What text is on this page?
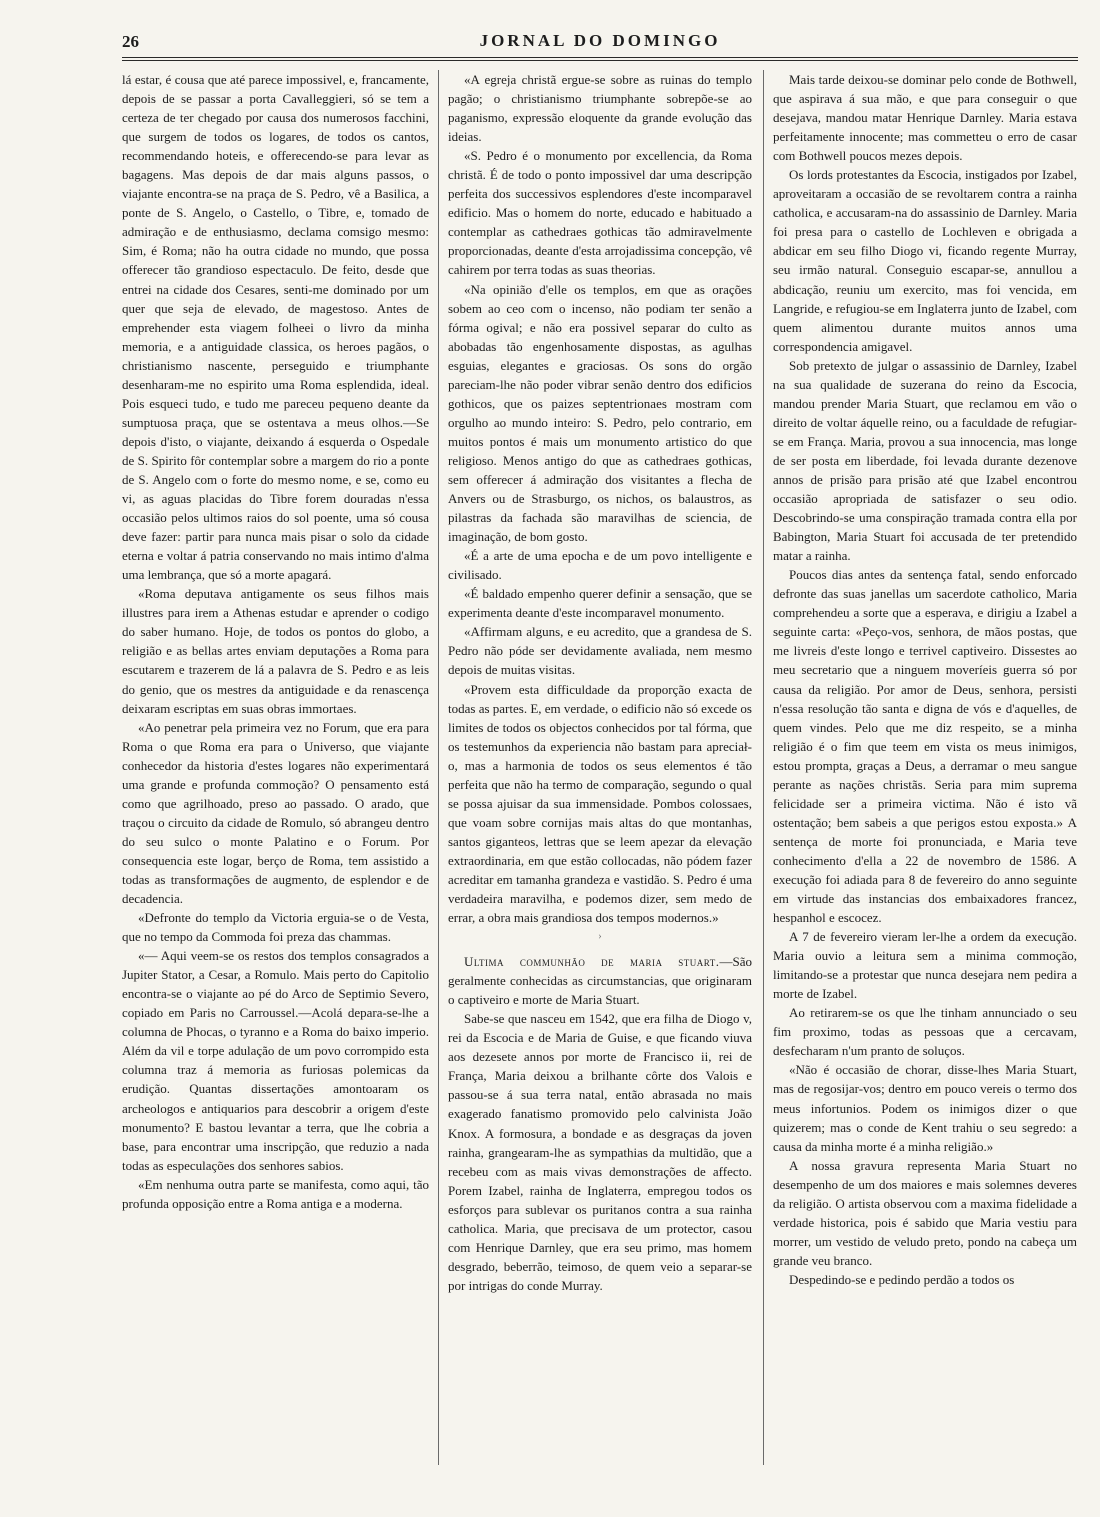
26	JORNAL DO DOMINGO

lá estar, é cousa que até parece impossivel, e, francamente, depois de se passar a porta Cavalleggieri, só se tem a certeza de ter chegado por causa dos numerosos facchini, que surgem de todos os logares, de todos os cantos, recommendando hoteis, e offerecendo-se para levar as bagagens. Mas depois de dar mais alguns passos, o viajante encontra-se na praça de S. Pedro, vê a Basilica, a ponte de S. Angelo, o Castello, o Tibre, e, tomado de admiração e de enthusiasmo, declama comsigo mesmo: Sim, é Roma; não ha outra cidade no mundo, que possa offerecer tão grandioso espectaculo. De feito, desde que entrei na cidade dos Cesares, senti-me dominado por um quer que seja de elevado, de magestoso. Antes de emprehender esta viagem folheei o livro da minha memoria, e a antiguidade classica, os heroes pagãos, o christianismo nascente, perseguido e triumphante desenharam-me no espirito uma Roma esplendida, ideal. Pois esqueci tudo, e tudo me pareceu pequeno deante da sumptuosa praça, que se ostentava a meus olhos.—Se depois d'isto, o viajante, deixando á esquerda o Ospedale de S. Spirito fôr contemplar sobre a margem do rio a ponte de S. Angelo com o forte do mesmo nome, e se, como eu vi, as aguas placidas do Tibre forem douradas n'essa occasião pelos ultimos raios do sol poente, uma só cousa deve fazer: partir para nunca mais pisar o solo da cidade eterna e voltar á patria conservando no mais intimo d'alma uma lembrança, que só a morte apagará.

«Roma deputava antigamente os seus filhos mais illustres para irem a Athenas estudar e aprender o codigo do saber humano. Hoje, de todos os pontos do globo, a religião e as bellas artes enviam deputações a Roma para escutarem e trazerem de lá a palavra de S. Pedro e as leis do genio, que os mestres da antiguidade e da renascença deixaram escriptas em suas obras immortaes.

«Ao penetrar pela primeira vez no Forum, que era para Roma o que Roma era para o Universo, que viajante conhecedor da historia d'estes logares não experimentará uma grande e profunda commoção? O pensamento está como que agrilhoado, preso ao passado. O arado, que traçou o circuito da cidade de Romulo, só abrangeu dentro do seu sulco o monte Palatino e o Forum. Por consequencia este logar, berço de Roma, tem assistido a todas as transformações de augmento, de esplendor e de decadencia.

«Defronte do templo da Victoria erguia-se o de Vesta, que no tempo da Commoda foi preza das chammas.

«— Aqui veem-se os restos dos templos consagrados a Jupiter Stator, a Cesar, a Romulo. Mais perto do Capitolio encontra-se o viajante ao pé do Arco de Septimio Severo, copiado em Paris no Carroussel.—Acolá depara-se-lhe a columna de Phocas, o tyranno e a Roma do baixo imperio. Além da vil e torpe adulação de um povo corrompido esta columna traz á memoria as furiosas polemicas da erudição. Quantas dissertações amontoaram os archeologos e antiquarios para descobrir a origem d'este monumento? E bastou levantar a terra, que lhe cobria a base, para encontrar uma inscripção, que reduzio a nada todas as especulações dos senhores sabios.

«Em nenhuma outra parte se manifesta, como aqui, tão profunda opposição entre a Roma antiga e a moderna.

«A egreja christã ergue-se sobre as ruinas do templo pagão; o christianismo triumphante sobrepõe-se ao paganismo, expressão eloquente da grande evolução das ideias.

«S. Pedro é o monumento por excellencia, da Roma christã. É de todo o ponto impossivel dar uma descripção perfeita dos successivos esplendores d'este incomparavel edificio. Mas o homem do norte, educado e habituado a contemplar as cathedraes gothicas tão admiravelmente proporcionadas, deante d'esta arrojadissima concepção, vê cahirem por terra todas as suas theorias.

«Na opinião d'elle os templos, em que as orações sobem ao ceo com o incenso, não podiam ter senão a fórma ogival; e não era possivel separar do culto as abobadas tão engenhosamente dispostas, as agulhas esguias, elegantes e graciosas. Os sons do orgão pareciam-lhe não poder vibrar senão dentro dos edificios gothicos, que os paizes septentrionaes mostram com orgulho ao mundo inteiro: S. Pedro, pelo contrario, em muitos pontos é mais um monumento artistico do que religioso. Menos antigo do que as cathedraes gothicas, sem offerecer á admiração dos visitantes a flecha de Anvers ou de Strasburgo, os nichos, os balaustros, as pilastras da fachada são maravilhas de sciencia, de imaginação, de bom gosto.

«É a arte de uma epocha e de um povo intelligente e civilisado.

«É baldado empenho querer definir a sensação, que se experimenta deante d'este incomparavel monumento.

«Affirmam alguns, e eu acredito, que a grandesa de S. Pedro não póde ser devidamente avaliada, nem mesmo depois de muitas visitas.

«Provem esta difficuldade da proporção exacta de todas as partes. E, em verdade, o edificio não só excede os limites de todos os objectos conhecidos por tal fórma, que os testemunhos da experiencia não bastam para apreciał-o, mas a harmonia de todos os seus elementos é tão perfeita que não ha termo de comparação, segundo o qual se possa ajuisar da sua immensidade. Pombos colossaes, que voam sobre cornijas mais altas do que montanhas, santos giganteos, lettras que se leem apezar da elevação extraordinaria, em que estão collocadas, não pódem fazer acreditar em tamanha grandeza e vastidão. S. Pedro é uma verdadeira maravilha, e podemos dizer, sem medo de errar, a obra mais grandiosa dos tempos modernos.»

›

Ultima communhão de maria stuart.—São geralmente conhecidas as circumstancias, que originaram o captiveiro e morte de Maria Stuart.

Sabe-se que nasceu em 1542, que era filha de Diogo v, rei da Escocia e de Maria de Guise, e que ficando viuva aos dezesete annos por morte de Francisco ii, rei de França, Maria deixou a brilhante côrte dos Valois e passou-se á sua terra natal, então abrasada no mais exagerado fanatismo promovido pelo calvinista João Knox. A formosura, a bondade e as desgraças da joven rainha, grangearam-lhe as sympathias da multidão, que a recebeu com as mais vivas demonstrações de affecto. Porem Izabel, rainha de Inglaterra, empregou todos os esforços para sublevar os puritanos contra a sua rainha catholica. Maria, que precisava de um protector, casou com Henrique Darnley, que era seu primo, mas homem desgrado, beberrão, teimoso, de quem veio a separar-se por intrigas do conde Murray.

Mais tarde deixou-se dominar pelo conde de Bothwell, que aspirava á sua mão, e que para conseguir o que desejava, mandou matar Henrique Darnley. Maria estava perfeitamente innocente; mas commetteu o erro de casar com Bothwell poucos mezes depois.

Os lords protestantes da Escocia, instigados por Izabel, aproveitaram a occasião de se revoltarem contra a rainha catholica, e accusaram-na do assassinio de Darnley. Maria foi presa para o castello de Lochleven e obrigada a abdicar em seu filho Diogo vi, ficando regente Murray, seu irmão natural. Conseguio escapar-se, annullou a abdicação, reuniu um exercito, mas foi vencida, em Langride, e refugiou-se em Inglaterra junto de Izabel, com quem alimentou durante muitos annos uma correspondencia amigavel.

Sob pretexto de julgar o assassinio de Darnley, Izabel na sua qualidade de suzerana do reino da Escocia, mandou prender Maria Stuart, que reclamou em vão o direito de voltar áquelle reino, ou a faculdade de refugiar-se em França. Maria, provou a sua innocencia, mas longe de ser posta em liberdade, foi levada durante dezenove annos de prisão para prisão até que Izabel encontrou occasião apropriada de satisfazer o seu odio. Descobrindo-se uma conspiração tramada contra ella por Babington, Maria Stuart foi accusada de ter pretendido matar a rainha.

Poucos dias antes da sentença fatal, sendo enforcado defronte das suas janellas um sacerdote catholico, Maria comprehendeu a sorte que a esperava, e dirigiu a Izabel a seguinte carta: «Peço-vos, senhora, de mãos postas, que me livreis d'este longo e terrivel captiveiro. Dissestes ao meu secretario que a ninguem moveríeis guerra só por causa da religião. Por amor de Deus, senhora, persisti n'essa resolução tão santa e digna de vós e d'aquelles, de quem vindes. Pelo que me diz respeito, se a minha religião é o fim que teem em vista os meus inimigos, estou prompta, graças a Deus, a derramar o meu sangue perante as nações christãs. Seria para mim suprema felicidade ser a primeira victima. Não é isto vã ostentação; bem sabeis a que perigos estou exposta.» A sentença de morte foi pronunciada, e Maria teve conhecimento d'ella a 22 de novembro de 1586. A execução foi adiada para 8 de fevereiro do anno seguinte em virtude das instancias dos embaixadores francez, hespanhol e escocez.

A 7 de fevereiro vieram ler-lhe a ordem da execução. Maria ouvio a leitura sem a minima commoção, limitando-se a protestar que nunca desejara nem pedira a morte de Izabel.

Ao retirarem-se os que lhe tinham annunciado o seu fim proximo, todas as pessoas que a cercavam, desfecharam n'um pranto de soluços.

«Não é occasião de chorar, disse-lhes Maria Stuart, mas de regosijar-vos; dentro em pouco vereis o termo dos meus infortunios. Podem os inimigos dizer o que quizerem; mas o conde de Kent trahiu o seu segredo: a causa da minha morte é a minha religião.»

A nossa gravura representa Maria Stuart no desempenho de um dos maiores e mais solemnes deveres da religião. O artista observou com a maxima fidelidade a verdade historica, pois é sabido que Maria vestiu para morrer, um vestido de veludo preto, pondo na cabeça um grande veu branco.

Despedindo-se e pedindo perdão a todos os
